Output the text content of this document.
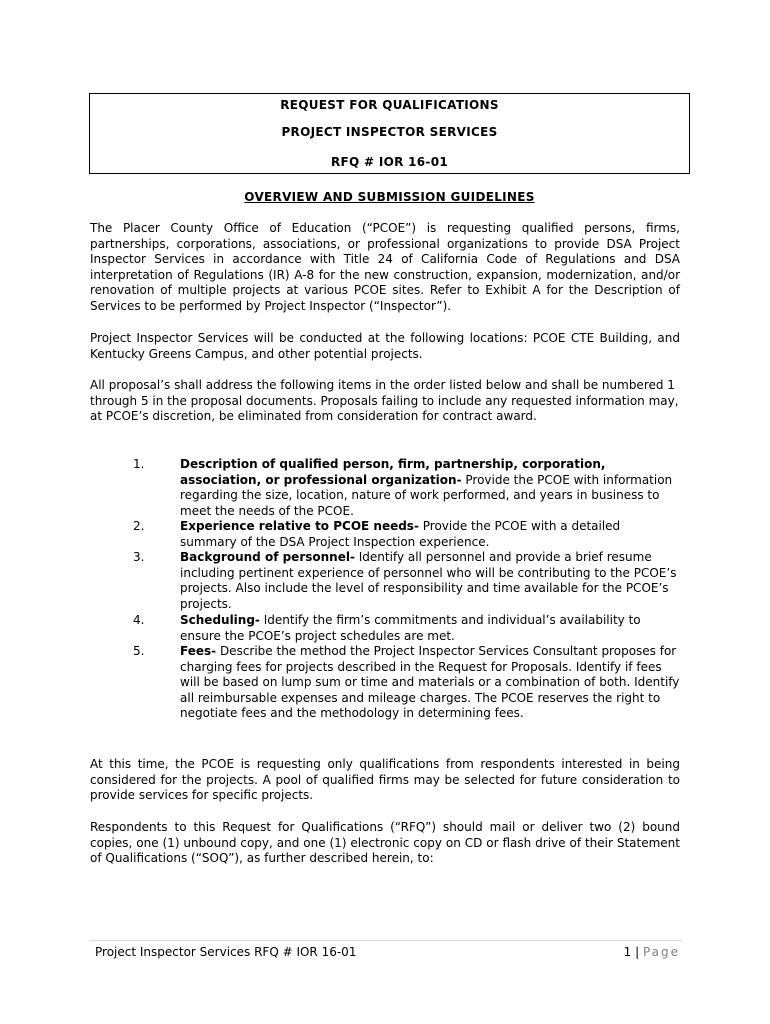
REQUEST FOR QUALIFICATIONS
PROJECT INSPECTOR SERVICES
RFQ # IOR 16-01
OVERVIEW AND SUBMISSION GUIDELINES

The Placer County Office of Education (“PCOE”) is requesting qualified persons, firms, partnerships, corporations, associations, or professional organizations to provide DSA Project Inspector Services in accordance with Title 24 of California Code of Regulations and DSA interpretation of Regulations (IR) A-8 for the new construction, expansion, modernization, and/or renovation of multiple projects at various PCOE sites. Refer to Exhibit A for the Description of Services to be performed by Project Inspector (“Inspector”).

Project Inspector Services will be conducted at the following locations: PCOE CTE Building, and Kentucky Greens Campus, and other potential projects.

All proposal’s shall address the following items in the order listed below and shall be numbered 1 through 5 in the proposal documents. Proposals failing to include any requested information may, at PCOE’s discretion, be eliminated from consideration for contract award.

1.	Description of qualified person, firm, partnership, corporation, association, or professional organization- Provide the PCOE with information regarding the size, location, nature of work performed, and years in business to meet the needs of the PCOE.

2.	Experience relative to PCOE needs- Provide the PCOE with a detailed summary of the DSA Project Inspection experience.

3.	Background of personnel- Identify all personnel and provide a brief resume including pertinent experience of personnel who will be contributing to the PCOE’s projects. Also include the level of responsibility and time available for the PCOE’s projects.

4.	Scheduling- Identify the firm’s commitments and individual’s availability to ensure the PCOE’s project schedules are met.

5.	Fees- Describe the method the Project Inspector Services Consultant proposes for charging fees for projects described in the Request for Proposals. Identify if fees will be based on lump sum or time and materials or a combination of both. Identify all reimbursable expenses and mileage charges. The PCOE reserves the right to negotiate fees and the methodology in determining fees.

At this time, the PCOE is requesting only qualifications from respondents interested in being considered for the projects. A pool of qualified firms may be selected for future consideration to provide services for specific projects.

Respondents to this Request for Qualifications (“RFQ”) should mail or deliver two (2) bound copies, one (1) unbound copy, and one (1) electronic copy on CD or flash drive of their Statement of Qualifications (“SOQ”), as further described herein, to:

Project Inspector Services RFQ # IOR 16-01	1 | Page
